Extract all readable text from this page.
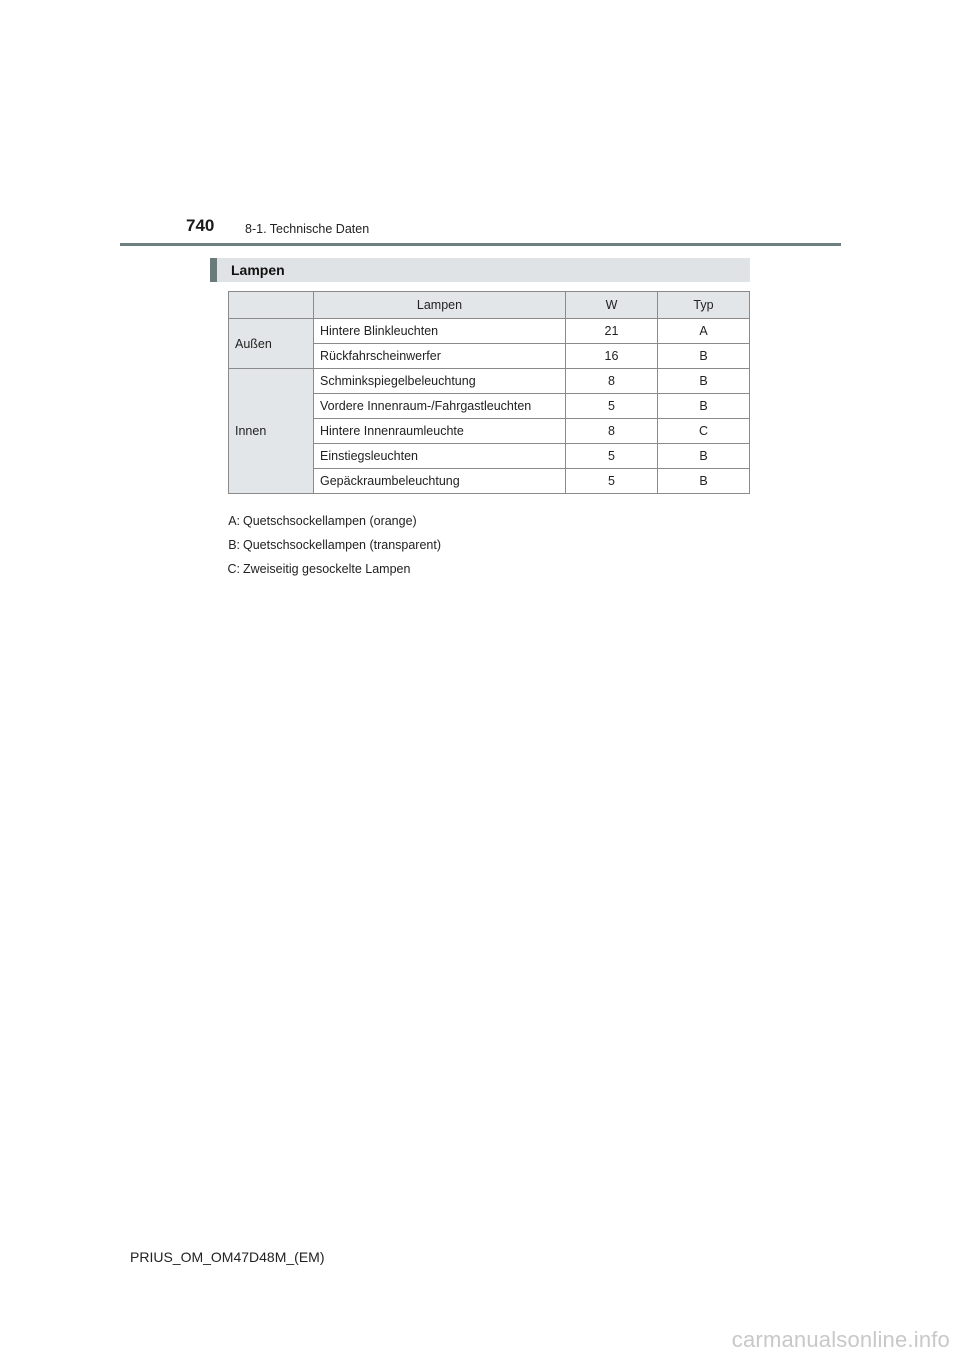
740 8-1. Technische Daten
Lampen
	Lampen	W	Typ
Außen	Hintere Blinkleuchten	21	A
	Rückfahrscheinwerfer	16	B
Innen	Schminkspiegelbeleuchtung	8	B
	Vordere Innenraum-/Fahrgastleuchten	5	B
	Hintere Innenraumleuchte	8	C
	Einstiegsleuchten	5	B
	Gepäckraumbeleuchtung	5	B
A: Quetschsockellampen (orange)
B: Quetschsockellampen (transparent)
C: Zweiseitig gesockelte Lampen
PRIUS_OM_OM47D48M_(EM)
carmanualsonline.info
